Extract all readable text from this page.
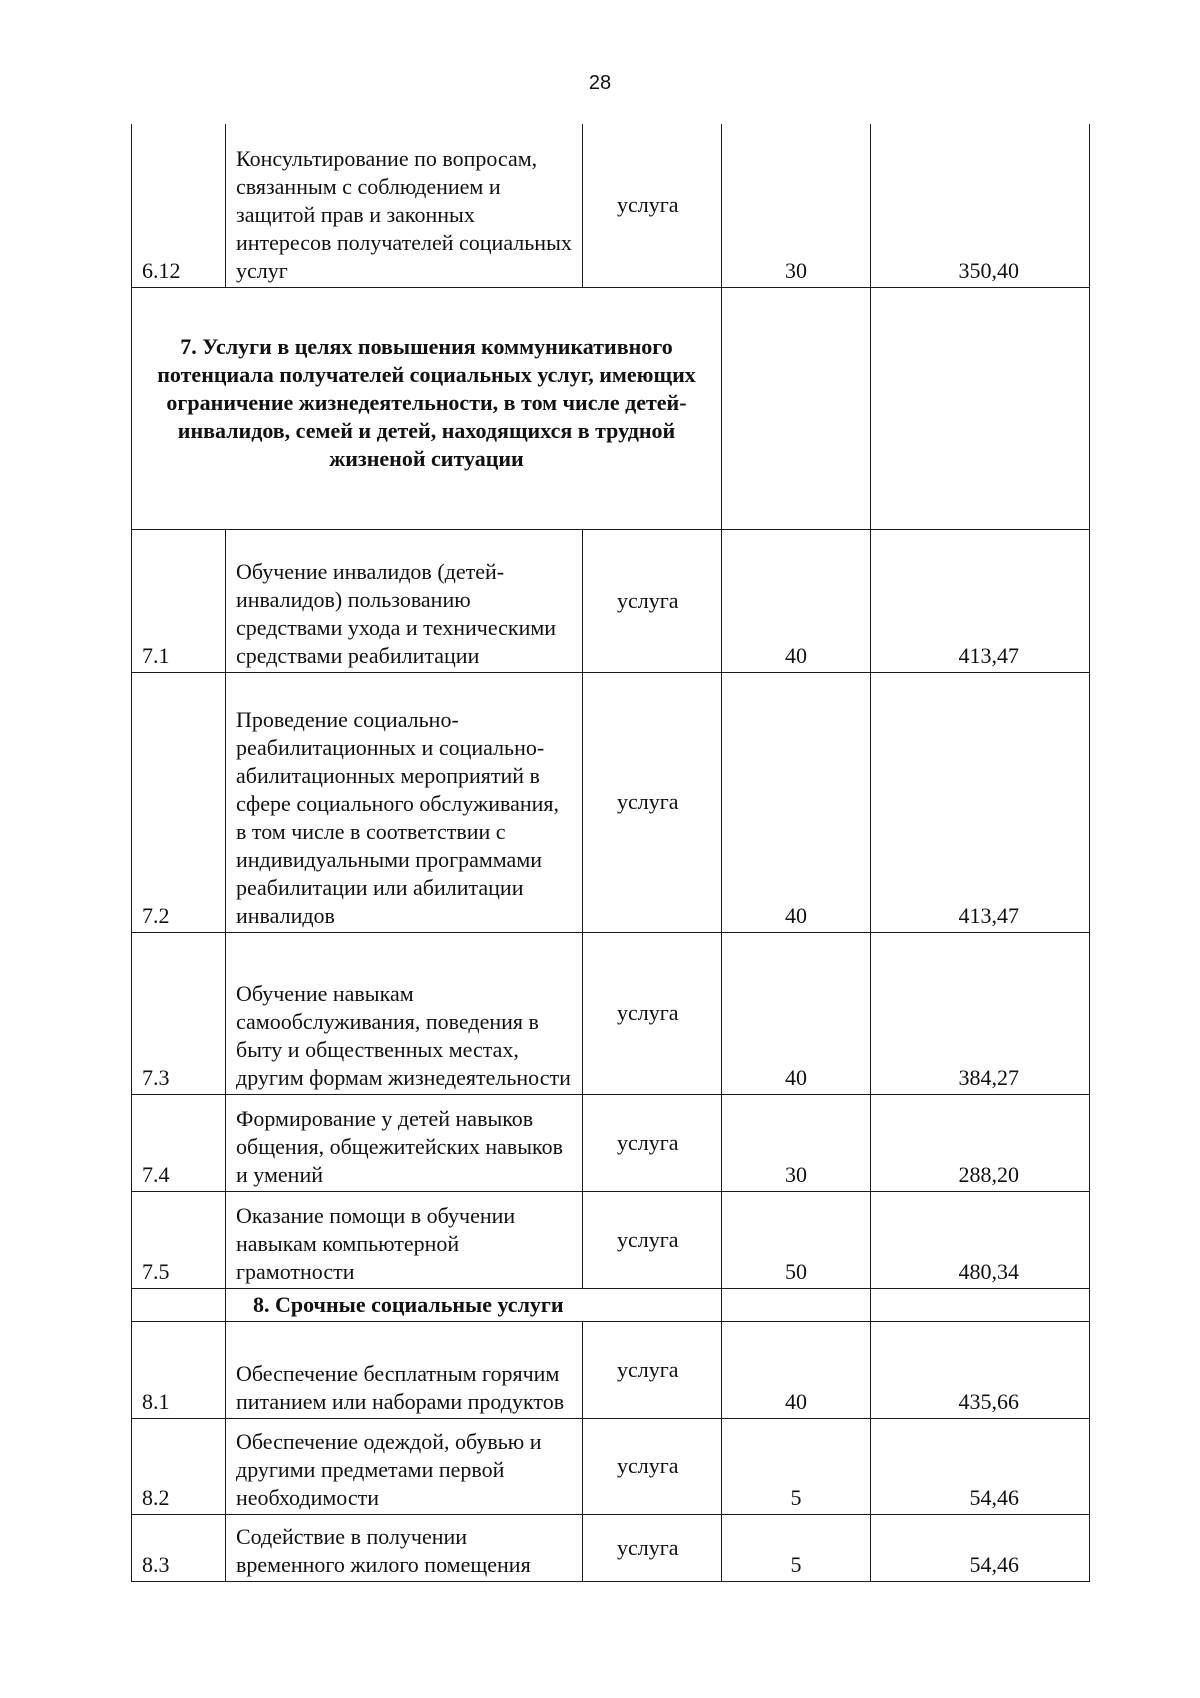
28
6.12	Консультирование по вопросам, связанным с соблюдением и защитой прав и законных интересов получателей социальных услуг	услуга	30	350,40
7. Услуги в целях повышения коммуникативного потенциала получателей социальных услуг, имеющих ограничение жизнедеятельности, в том числе детей-инвалидов, семей и детей, находящихся в трудной жизненой ситуации				
7.1	Обучение инвалидов (детей-инвалидов) пользованию средствами ухода и техническими средствами реабилитации	услуга	40	413,47
7.2	Проведение социально-реабилитационных и социально-абилитационных мероприятий в сфере социального обслуживания, в том числе в соответствии с индивидуальными программами реабилитации или абилитации инвалидов	услуга	40	413,47
7.3	Обучение навыкам самообслуживания, поведения в быту и общественных местах, другим формам жизнедеятельности	услуга	40	384,27
7.4	Формирование у детей навыков общения, общежитейских навыков и умений	услуга	30	288,20
7.5	Оказание помощи в обучении навыкам компьютерной грамотности	услуга	50	480,34
	8. Срочные социальные услуги			
8.1	Обеспечение бесплатным горячим питанием или наборами продуктов	услуга	40	435,66
8.2	Обеспечение одеждой, обувью и другими предметами первой необходимости	услуга	5	54,46
8.3	Содействие в получении временного жилого помещения	услуга	5	54,46
